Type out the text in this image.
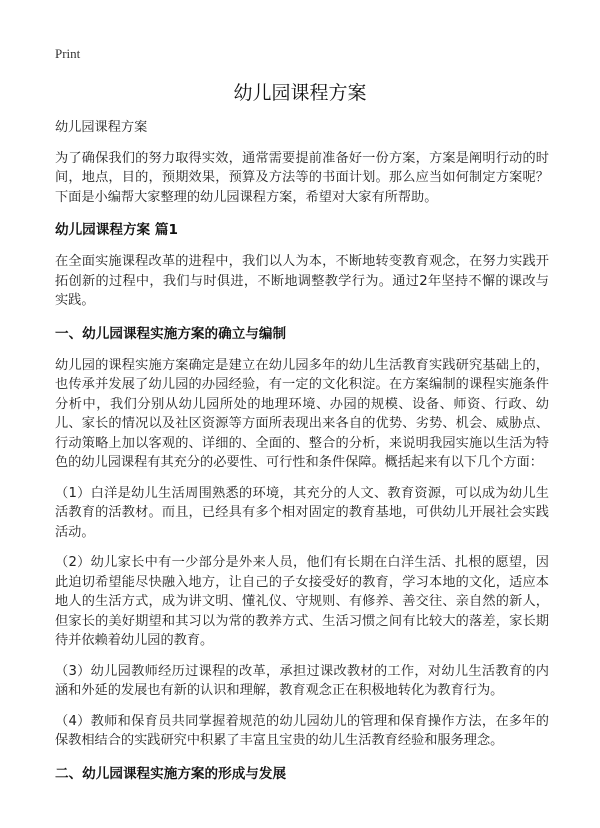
Print
幼儿园课程方案

幼儿园课程方案

为了确保我们的努力取得实效，通常需要提前准备好一份方案，方案是阐明行动的时间，地点，目的，预期效果，预算及方法等的书面计划。那么应当如何制定方案呢？下面是小编帮大家整理的幼儿园课程方案，希望对大家有所帮助。

幼儿园课程方案 篇1

在全面实施课程改革的进程中，我们以人为本，不断地转变教育观念，在努力实践开拓创新的过程中，我们与时俱进，不断地调整教学行为。通过2年坚持不懈的课改与实践。

一、幼儿园课程实施方案的确立与编制

幼儿园的课程实施方案确定是建立在幼儿园多年的幼儿生活教育实践研究基础上的，也传承并发展了幼儿园的办园经验，有一定的文化积淀。在方案编制的课程实施条件分析中，我们分别从幼儿园所处的地理环境、办园的规模、设备、师资、行政、幼儿、家长的情况以及社区资源等方面所表现出来各自的优势、劣势、机会、威胁点、行动策略上加以客观的、详细的、全面的、整合的分析，来说明我园实施以生活为特色的幼儿园课程有其充分的必要性、可行性和条件保障。概括起来有以下几个方面：

（1）白洋是幼儿生活周围熟悉的环境，其充分的人文、教育资源，可以成为幼儿生活教育的活教材。而且，已经具有多个相对固定的教育基地，可供幼儿开展社会实践活动。

（2）幼儿家长中有一少部分是外来人员，他们有长期在白洋生活、扎根的愿望，因此迫切希望能尽快融入地方，让自己的子女接受好的教育，学习本地的文化，适应本地人的生活方式，成为讲文明、懂礼仪、守规则、有修养、善交往、亲自然的新人，但家长的美好期望和其习以为常的教养方式、生活习惯之间有比较大的落差，家长期待并依赖着幼儿园的教育。

（3）幼儿园教师经历过课程的改革，承担过课改教材的工作，对幼儿生活教育的内涵和外延的发展也有新的认识和理解，教育观念正在积极地转化为教育行为。

（4）教师和保育员共同掌握着规范的幼儿园幼儿的管理和保育操作方法，在多年的保教相结合的实践研究中积累了丰富且宝贵的幼儿生活教育经验和服务理念。

二、幼儿园课程实施方案的形成与发展
